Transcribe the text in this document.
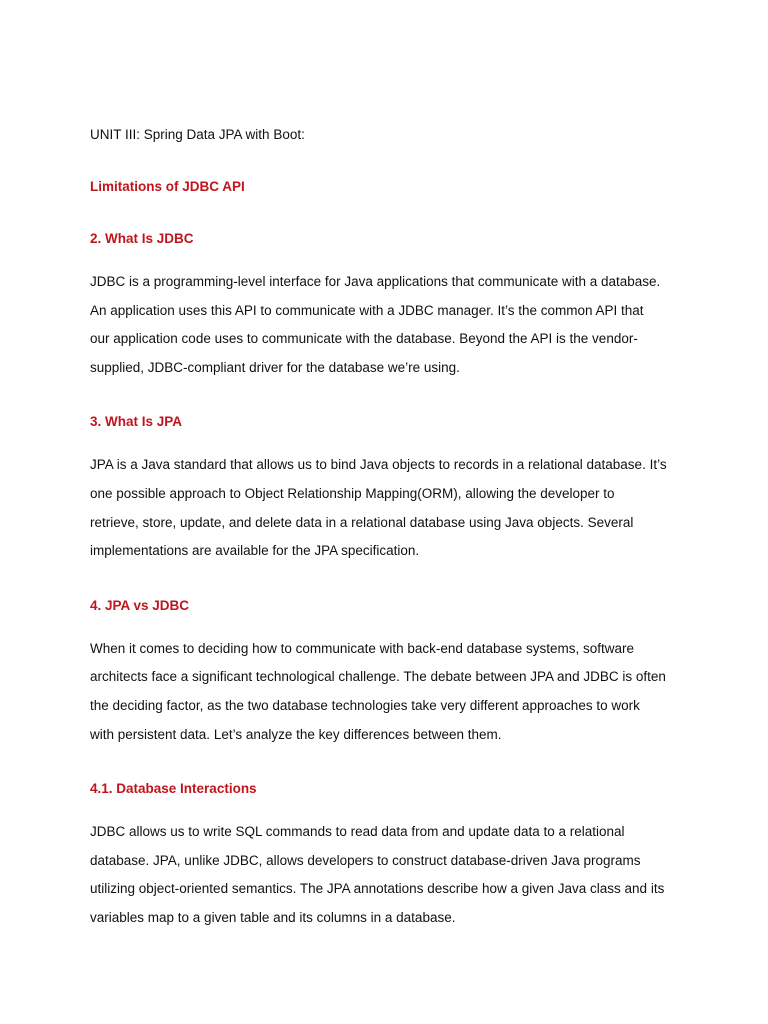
UNIT III: Spring Data JPA with Boot:

Limitations of JDBC API

2. What Is JDBC

JDBC is a programming-level interface for Java applications that communicate with a database.
An application uses this API to communicate with a JDBC manager. It’s the common API that
our application code uses to communicate with the database. Beyond the API is the vendor-
supplied, JDBC-compliant driver for the database we’re using.

3. What Is JPA

JPA is a Java standard that allows us to bind Java objects to records in a relational database. It’s
one possible approach to Object Relationship Mapping(ORM), allowing the developer to
retrieve, store, update, and delete data in a relational database using Java objects. Several
implementations are available for the JPA specification.

4. JPA vs JDBC

When it comes to deciding how to communicate with back-end database systems, software
architects face a significant technological challenge. The debate between JPA and JDBC is often
the deciding factor, as the two database technologies take very different approaches to work
with persistent data. Let’s analyze the key differences between them.

4.1. Database Interactions

JDBC allows us to write SQL commands to read data from and update data to a relational
database. JPA, unlike JDBC, allows developers to construct database-driven Java programs
utilizing object-oriented semantics. The JPA annotations describe how a given Java class and its
variables map to a given table and its columns in a database.
